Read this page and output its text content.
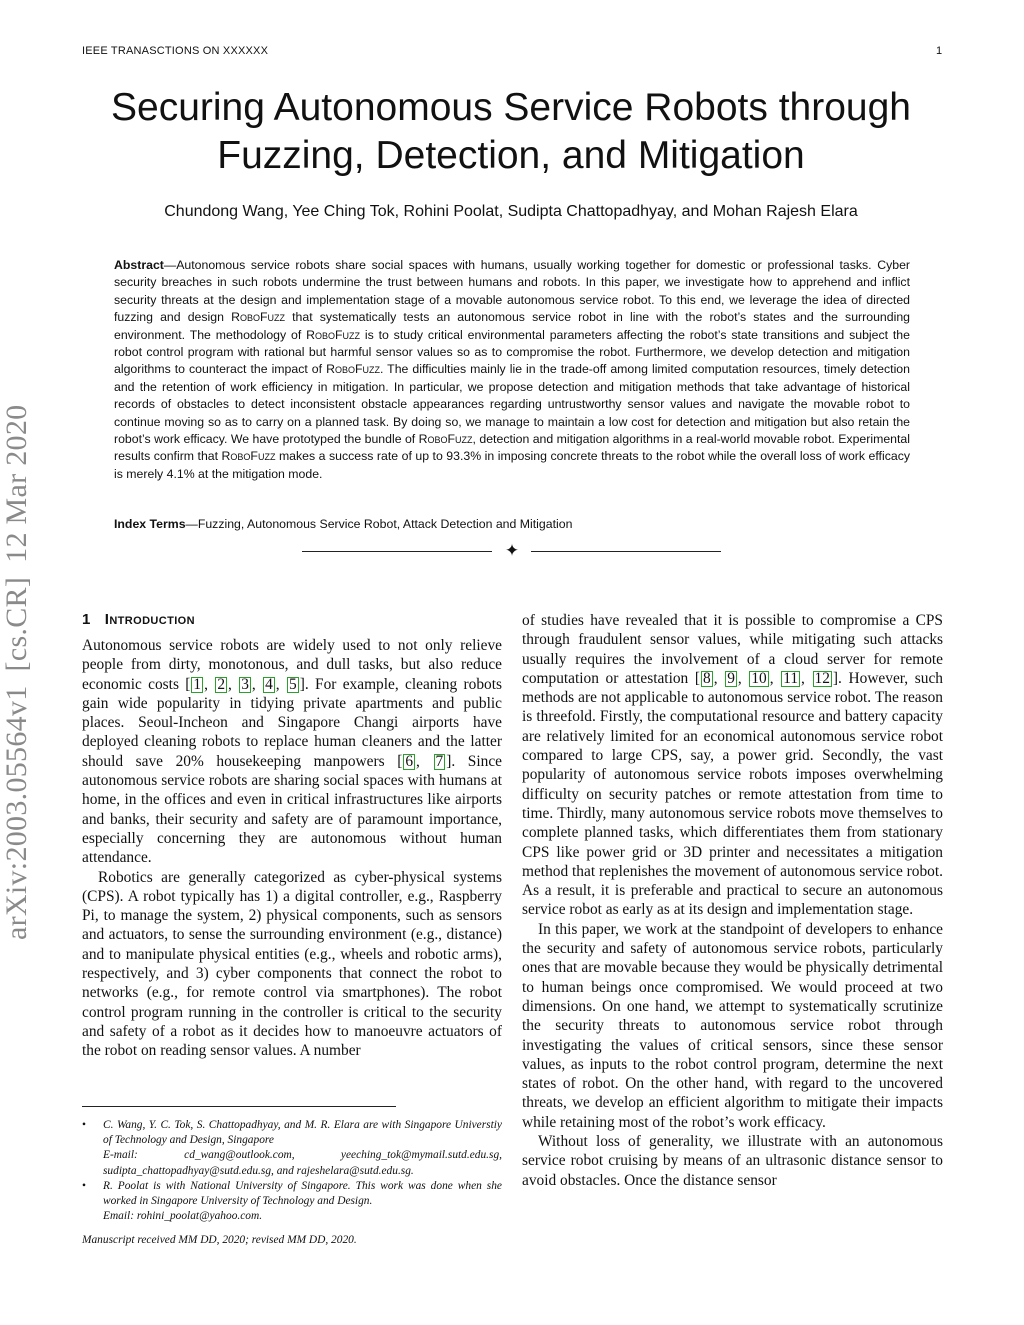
IEEE TRANASCTIONS ON XXXXXX	1
Securing Autonomous Service Robots through
Fuzzing, Detection, and Mitigation
Chundong Wang, Yee Ching Tok, Rohini Poolat, Sudipta Chattopadhyay, and Mohan Rajesh Elara

Abstract—Autonomous service robots share social spaces with humans, usually working together for domestic or professional tasks. Cyber security breaches in such robots undermine the trust between humans and robots. In this paper, we investigate how to apprehend and inflict security threats at the design and implementation stage of a movable autonomous service robot. To this end, we leverage the idea of directed fuzzing and design RoboFuzz that systematically tests an autonomous service robot in line with the robot’s states and the surrounding environment. The methodology of RoboFuzz is to study critical environmental parameters affecting the robot’s state transitions and subject the robot control program with rational but harmful sensor values so as to compromise the robot. Furthermore, we develop detection and mitigation algorithms to counteract the impact of RoboFuzz. The difficulties mainly lie in the trade-off among limited computation resources, timely detection and the retention of work efficiency in mitigation. In particular, we propose detection and mitigation methods that take advantage of historical records of obstacles to detect inconsistent obstacle appearances regarding untrustworthy sensor values and navigate the movable robot to continue moving so as to carry on a planned task. By doing so, we manage to maintain a low cost for detection and mitigation but also retain the robot’s work efficacy. We have prototyped the bundle of RoboFuzz, detection and mitigation algorithms in a real-world movable robot. Experimental results confirm that RoboFuzz makes a success rate of up to 93.3% in imposing concrete threats to the robot while the overall loss of work efficacy is merely 4.1% at the mitigation mode.

Index Terms—Fuzzing, Autonomous Service Robot, Attack Detection and Mitigation
✦
arXiv:2003.05564v1[cs.CR]12 Mar 2020
1 Introduction

Autonomous service robots are widely used to not only relieve people from dirty, monotonous, and dull tasks, but also reduce economic costs [ 1 , 2 , 3 , 4 , 5 ]. For example, cleaning robots gain wide popularity in tidying private apartments and public places. Seoul-Incheon and Singapore Changi airports have deployed cleaning robots to replace human cleaners and the latter should save 20% housekeeping manpowers [ 6 , 7 ]. Since autonomous service robots are sharing social spaces with humans at home, in the offices and even in critical infrastructures like airports and banks, their security and safety are of paramount importance, especially concerning they are autonomous without human attendance.

Robotics are generally categorized as cyber-physical systems (CPS). A robot typically has 1) a digital controller, e.g., Raspberry Pi, to manage the system, 2) physical components, such as sensors and actuators, to sense the surrounding environment (e.g., distance) and to manipulate physical entities (e.g., wheels and robotic arms), respectively, and 3) cyber components that connect the robot to networks (e.g., for remote control via smartphones). The robot control program running in the controller is critical to the security and safety of a robot as it decides how to manoeuvre actuators of the robot on reading sensor values. A number

of studies have revealed that it is possible to compromise a CPS through fraudulent sensor values, while mitigating such attacks usually requires the involvement of a cloud server for remote computation or attestation [ 8 , 9 , 10 , 11 , 12 ]. However, such methods are not applicable to autonomous service robot. The reason is threefold. Firstly, the computational resource and battery capacity are relatively limited for an economical autonomous service robot compared to large CPS, say, a power grid. Secondly, the vast popularity of autonomous service robots imposes overwhelming difficulty on security patches or remote attestation from time to time. Thirdly, many autonomous service robots move themselves to complete planned tasks, which differentiates them from stationary CPS like power grid or 3D printer and necessitates a mitigation method that replenishes the movement of autonomous service robot. As a result, it is preferable and practical to secure an autonomous service robot as early as at its design and implementation stage.

In this paper, we work at the standpoint of developers to enhance the security and safety of autonomous service robots, particularly ones that are movable because they would be physically detrimental to human beings once compromised. We would proceed at two dimensions. On one hand, we attempt to systematically scrutinize the security threats to autonomous service robot through investigating the values of critical sensors, since these sensor values, as inputs to the robot control program, determine the next states of robot. On the other hand, with regard to the uncovered threats, we develop an efficient algorithm to mitigate their impacts while retaining most of the robot’s work efficacy.

Without loss of generality, we illustrate with an autonomous service robot cruising by means of an ultrasonic distance sensor to avoid obstacles. Once the distance sensor

• C. Wang, Y. C. Tok, S. Chattopadhyay, and M. R. Elara are with Singapore Universtiy of Technology and Design, Singapore
E-mail: cd_wang@outlook.com, yeeching_tok@mymail.sutd.edu.sg, sudipta_chattopadhyay@sutd.edu.sg, and rajeshelara@sutd.edu.sg.
• R. Poolat is with National University of Singapore. This work was done when she worked in Singapore University of Technology and Design.
Email: rohini_poolat@yahoo.com.
Manuscript received MM DD, 2020; revised MM DD, 2020.
